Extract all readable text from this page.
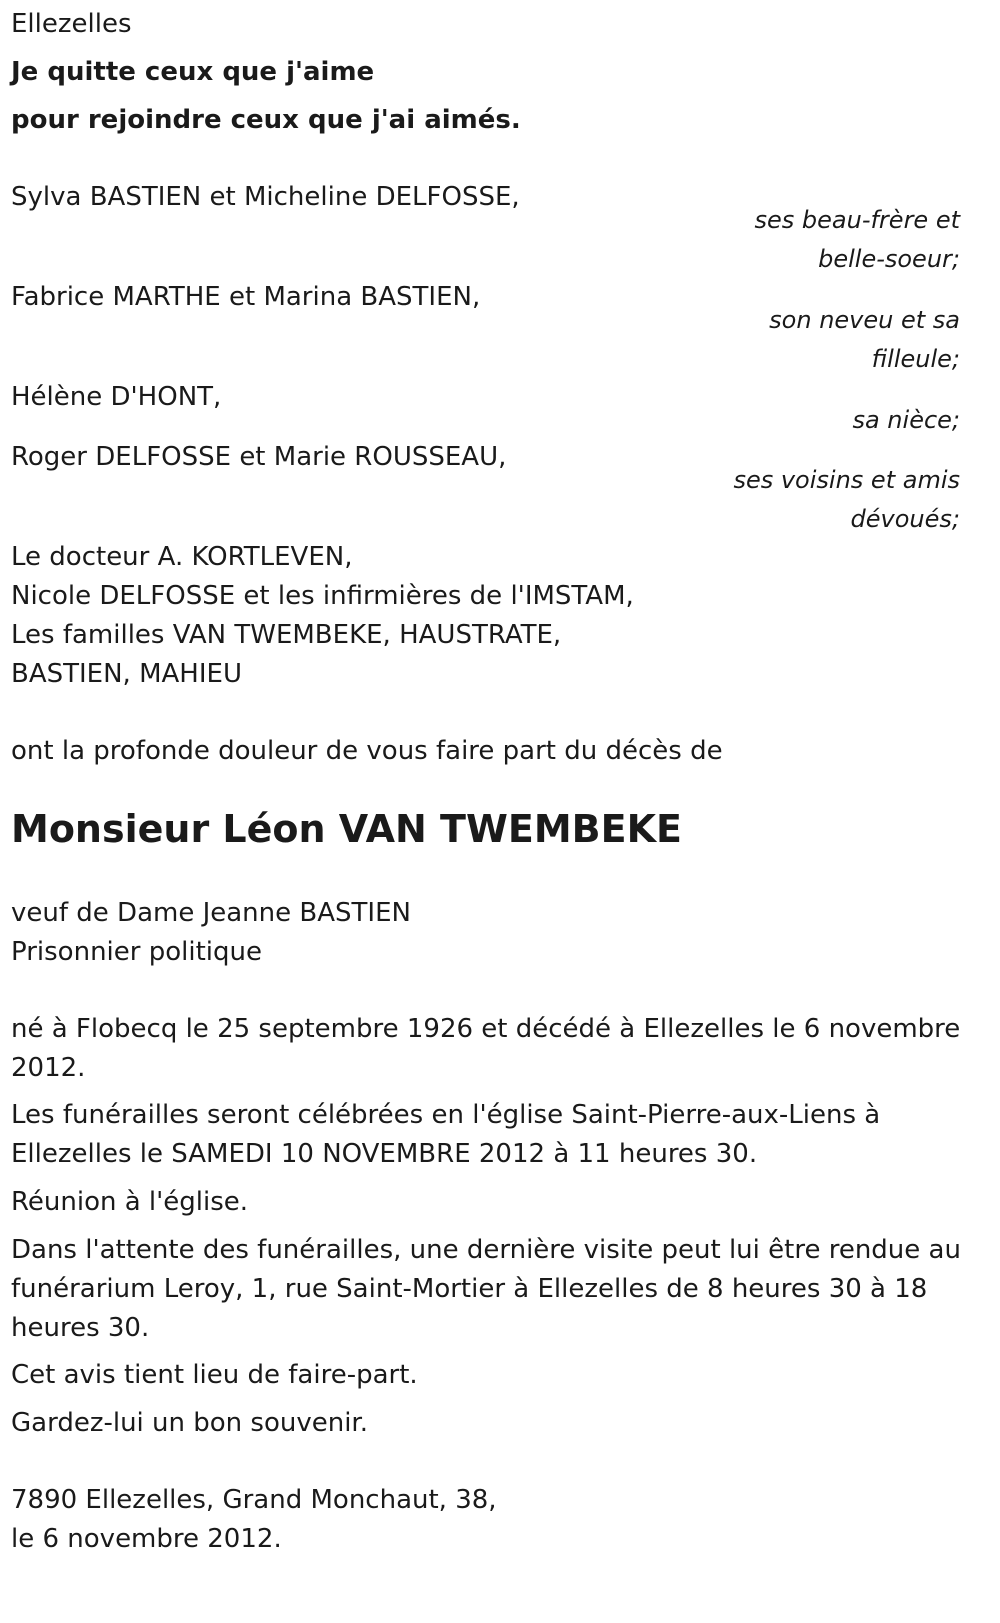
Ellezelles
Je quitte ceux que j'aime
pour rejoindre ceux que j'ai aimés.
Sylva BASTIEN et Micheline DELFOSSE,
Fabrice MARTHE et Marina BASTIEN,
Hélène D'HONT,
Roger DELFOSSE et Marie ROUSSEAU,
ses beau-frère et
belle-soeur;
son neveu et sa
filleule;
sa nièce;
ses voisins et amis
dévoués;
Le docteur A. KORTLEVEN,
Nicole DELFOSSE et les infirmières de l'IMSTAM,
Les familles VAN TWEMBEKE, HAUSTRATE,
BASTIEN, MAHIEU
ont la profonde douleur de vous faire part du décès de
Monsieur Léon VAN TWEMBEKE
veuf de Dame Jeanne BASTIEN
Prisonnier politique
né à Flobecq le 25 septembre 1926 et décédé à Ellezelles le 6 novembre
2012.
Les funérailles seront célébrées en l'église Saint-Pierre-aux-Liens à
Ellezelles le SAMEDI 10 NOVEMBRE 2012 à 11 heures 30.
Réunion à l'église.
Dans l'attente des funérailles, une dernière visite peut lui être rendue au
funérarium Leroy, 1, rue Saint-Mortier à Ellezelles de 8 heures 30 à 18
heures 30.
Cet avis tient lieu de faire-part.
Gardez-lui un bon souvenir.
7890 Ellezelles, Grand Monchaut, 38,
le 6 novembre 2012.
